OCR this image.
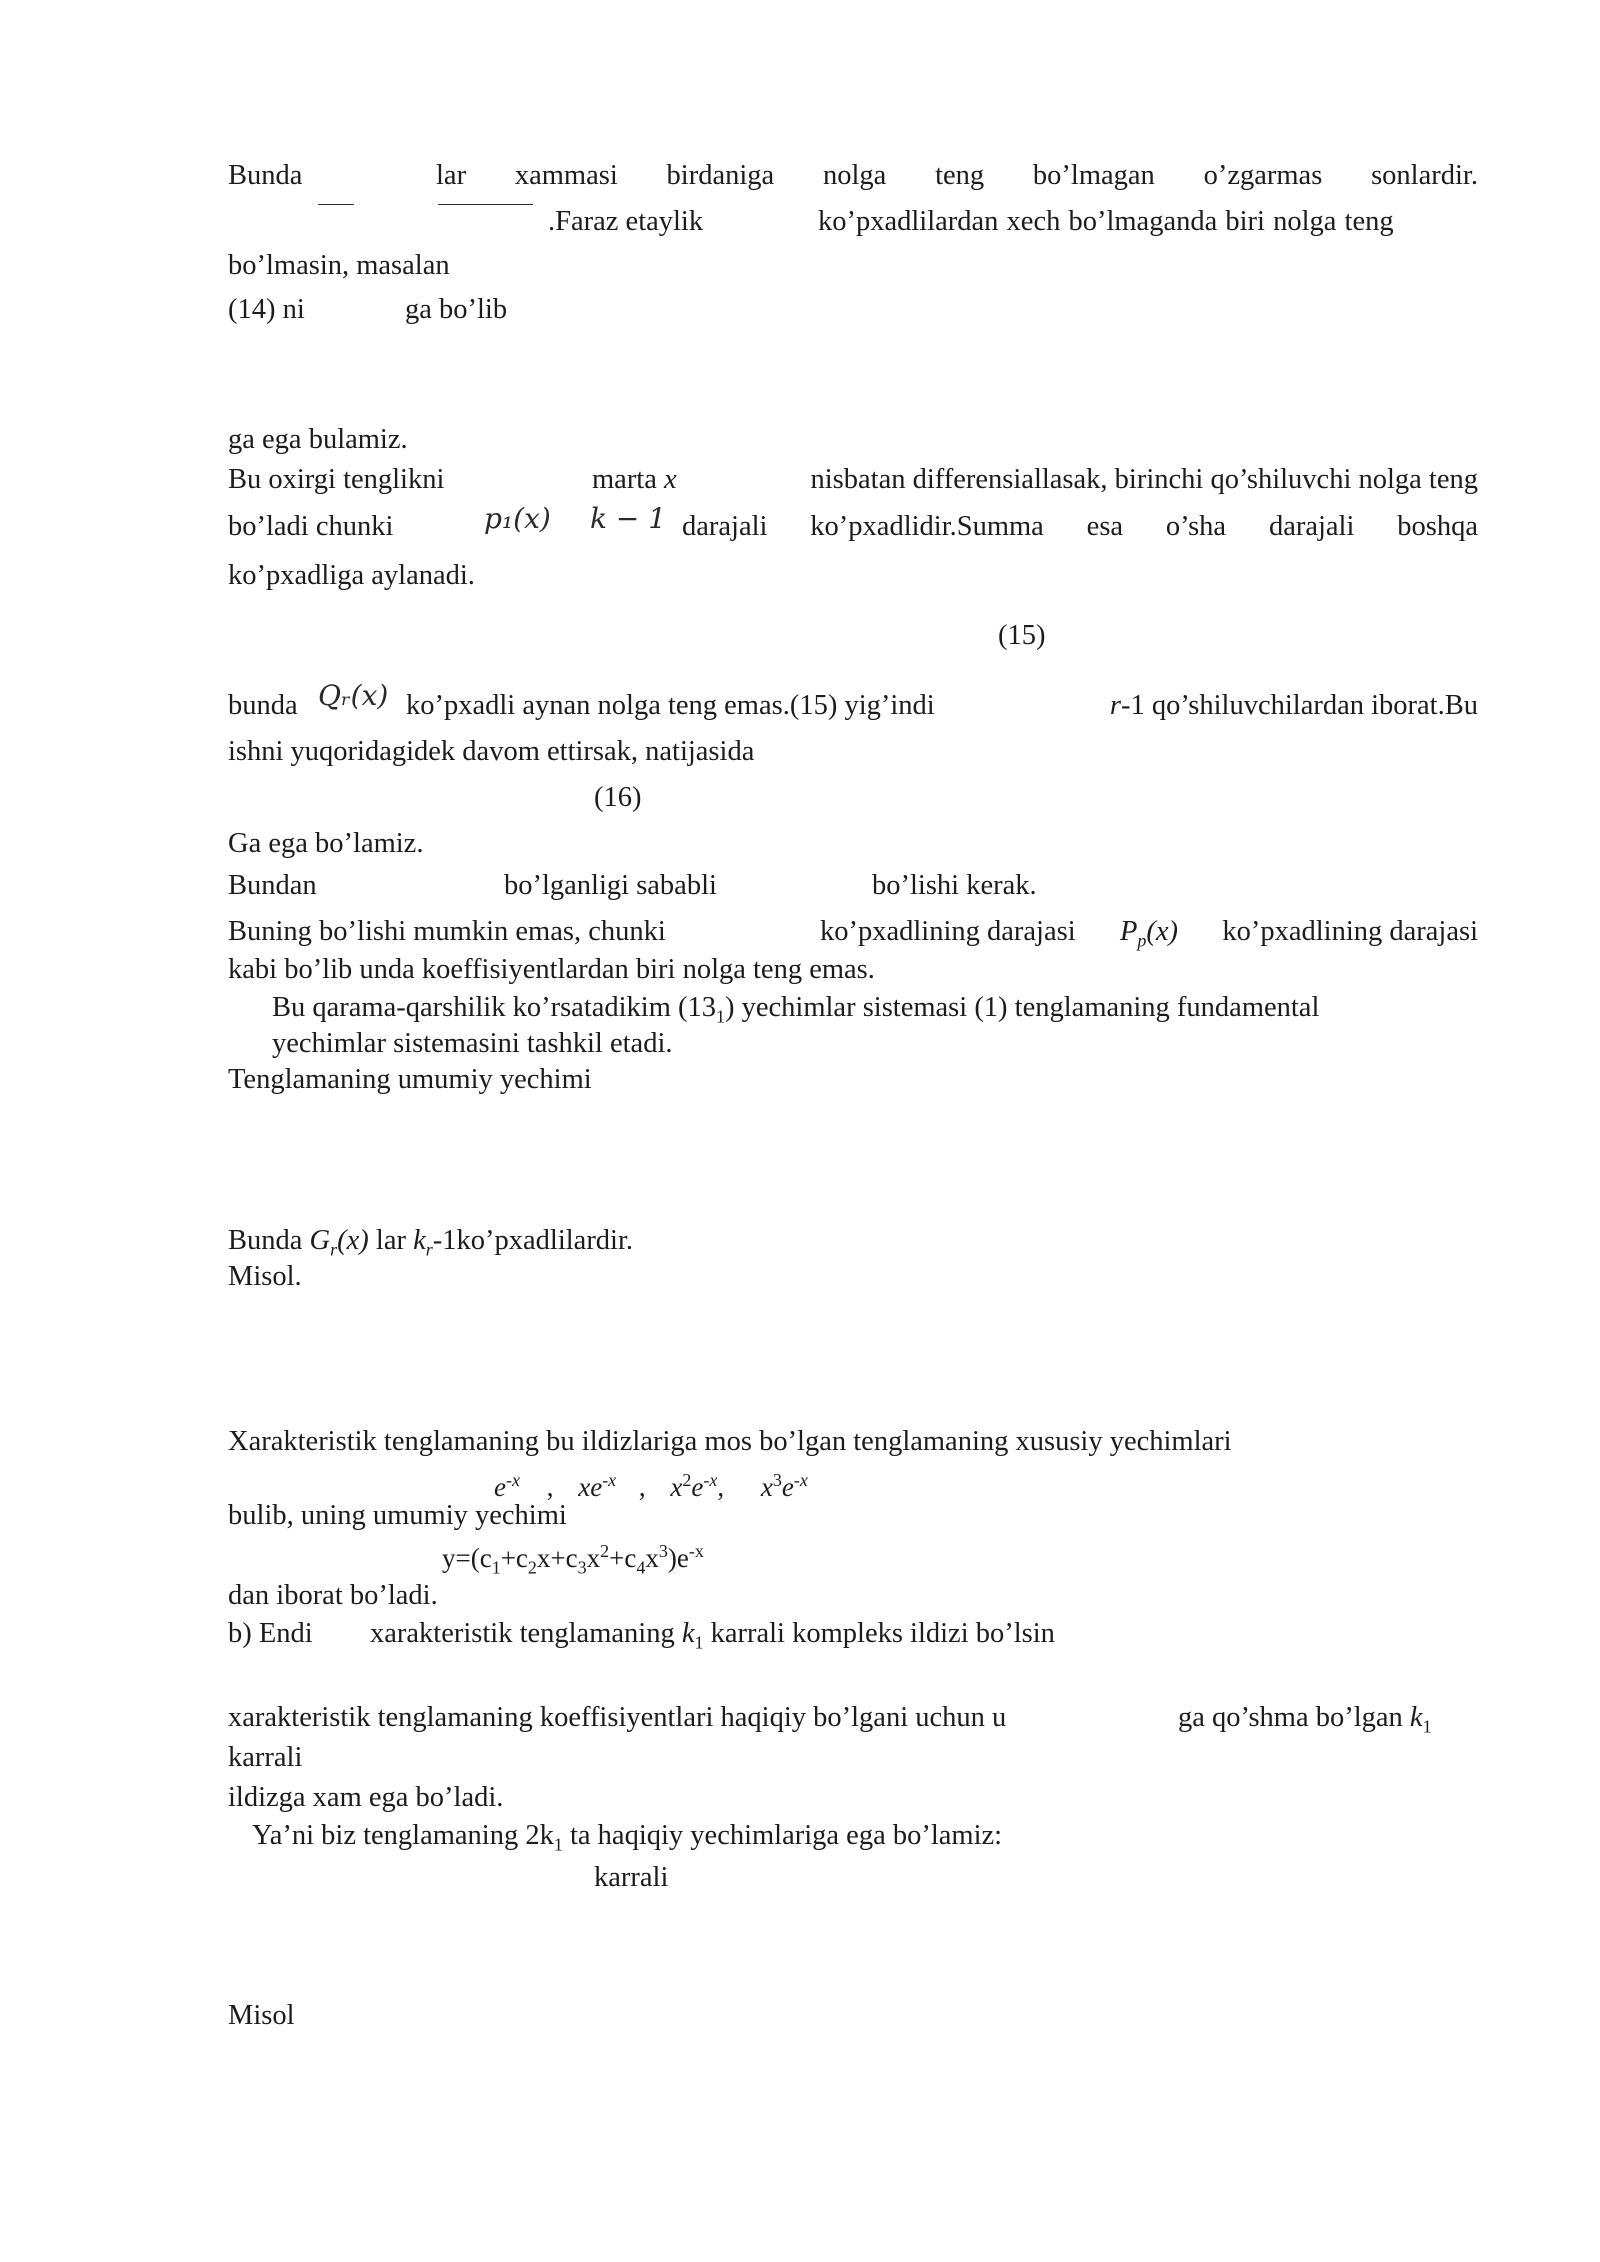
Bunda	lar xammasi birdaniga nolga teng bo’lmagan o’zgarmas sonlardir.
.Faraz etaylik	ko’pxadlilardan xech bo’lmaganda biri nolga teng
bo’lmasin, masalan
(14) ni	ga bo’lib
ga ega bulamiz.
Bu oxirgi tenglikni	marta x	nisbatan differensiallasak, birinchi qo’shiluvchi nolga teng
bo’ladi chunki	p₁(x) k − 1 darajali ko’pxadlidir.Summa esa o’sha darajali boshqa
ko’pxadliga aylanadi.
(15)
bunda Qᵣ(x) ko’pxadli aynan nolga teng emas.(15) yig’indi	r-1 qo’shiluvchilardan iborat.Bu
ishni yuqoridagidek davom ettirsak, natijasida
(16)
Ga ega bo’lamiz.
Bundan	bo’lganligi sababli	bo’lishi kerak.
Buning bo’lishi mumkin emas, chunki	ko’pxadlining darajasi $P_p(x)$ ko’pxadlining darajasi
kabi bo’lib unda koeffisiyentlardan biri nolga teng emas.
Bu qarama-qarshilik ko’rsatadikim $(13_1)$ yechimlar sistemasi (1) tenglamaning fundamental
yechimlar sistemasini tashkil etadi.
Tenglamaning umumiy yechimi
Bunda $G_r(x)$ lar $k_r-1ko’pxadlilardir$.
Misol.
Xarakteristik tenglamaning bu ildizlariga mos bo’lgan tenglamaning xususiy yechimlari
$e^{-x}$ , $xe^{-x}$ , $x^2e^{-x}$, $x^3e^{-x}$
bulib, uning umumiy yechimi
$y=(c_1+c_2x+c_3x^2+c_4x^3)e^{-x}$
dan iborat bo’ladi.
b) Endi xarakteristik tenglamaning $k_1$ karrali kompleks ildizi bo’lsin
xarakteristik tenglamaning koeffisiyentlari haqiqiy bo’lgani uchun u	ga qo’shma bo’lgan $k_1$
karrali
ildizga xam ega bo’ladi.
Ya’ni biz tenglamaning $2k_1$ ta haqiqiy yechimlariga ega bo’lamiz:
karrali
Misol
